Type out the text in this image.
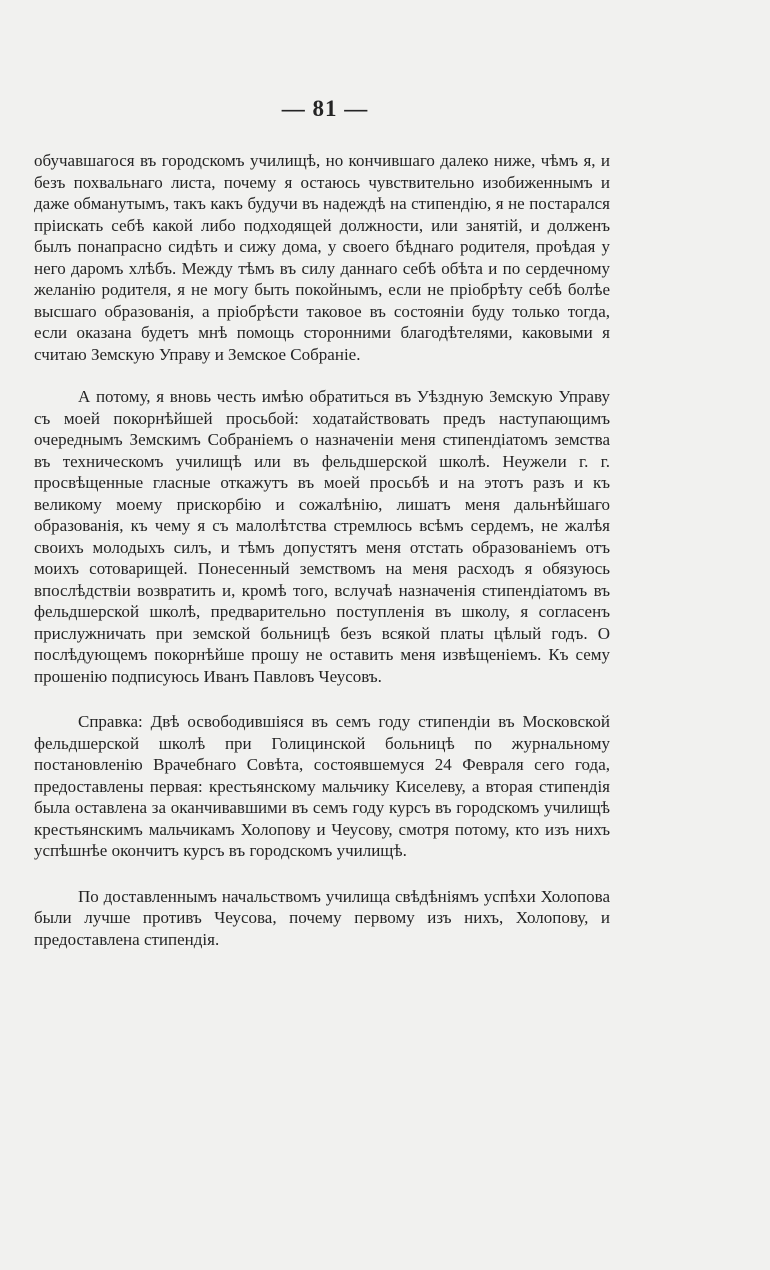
— 81 —

обучавшагося въ городскомъ училищѣ, но кончившаго далеко ниже, чѣмъ я, и безъ похвальнаго листа, почему я остаюсь чувствительно изобиженнымъ и даже обманутымъ, такъ какъ будучи въ надеждѣ на стипендію, я не постарался пріискать себѣ какой либо подходящей должности, или занятій, и долженъ былъ понапрасно сидѣть и сижу дома, у своего бѣднаго родителя, проѣдая у него даромъ хлѣбъ. Между тѣмъ въ силу даннаго себѣ обѣта и по сердечному желанію родителя, я не могу быть покойнымъ, если не пріобрѣту себѣ болѣе высшаго образованія, а пріобрѣсти таковое въ состояніи буду только тогда, если оказана будетъ мнѣ помощь сторонними благодѣтелями, каковыми я считаю Земскую Управу и Земское Собраніе.

А потому, я вновь честь имѣю обратиться въ Уѣздную Земскую Управу съ моей покорнѣйшей просьбой: ходатайствовать предъ наступающимъ очереднымъ Земскимъ Собраніемъ о назначеніи меня стипендіатомъ земства въ техническомъ училищѣ или въ фельдшерской школѣ. Неужели г. г. просвѣщенные гласные откажутъ въ моей просьбѣ и на этотъ разъ и къ великому моему прискорбію и сожалѣнію, лишатъ меня дальнѣйшаго образованія, къ чему я съ малолѣтства стремлюсь всѣмъ сердемъ, не жалѣя своихъ молодыхъ силъ, и тѣмъ допустятъ меня отстать образованіемъ отъ моихъ сотоварищей. Понесенный земствомъ на меня расходъ я обязуюсь впослѣдствіи возвратить и, кромѣ того, вслучаѣ назначенія стипендіатомъ въ фельдшерской школѣ, предварительно поступленія въ школу, я согласенъ прислужничать при земской больницѣ безъ всякой платы цѣлый годъ. О послѣдующемъ покорнѣйше прошу не оставить меня извѣщеніемъ. Къ сему прошенію подписуюсь Иванъ Павловъ Чеусовъ.

Справка: Двѣ освободившіяся въ семъ году стипендіи въ Московской фельдшерской школѣ при Голицинской больницѣ по журнальному постановленію Врачебнаго Совѣта, состоявшемуся 24 Февраля сего года, предоставлены первая: крестьянскому мальчику Киселеву, а вторая стипендія была оставлена за оканчивавшими въ семъ году курсъ въ городскомъ училищѣ крестьянскимъ мальчикамъ Холопову и Чеусову, смотря потому, кто изъ нихъ успѣшнѣе окончитъ курсъ въ городскомъ училищѣ.

По доставленнымъ начальствомъ училища свѣдѣніямъ успѣхи Холопова были лучше противъ Чеусова, почему первому изъ нихъ, Холопову, и предоставлена стипендія.
